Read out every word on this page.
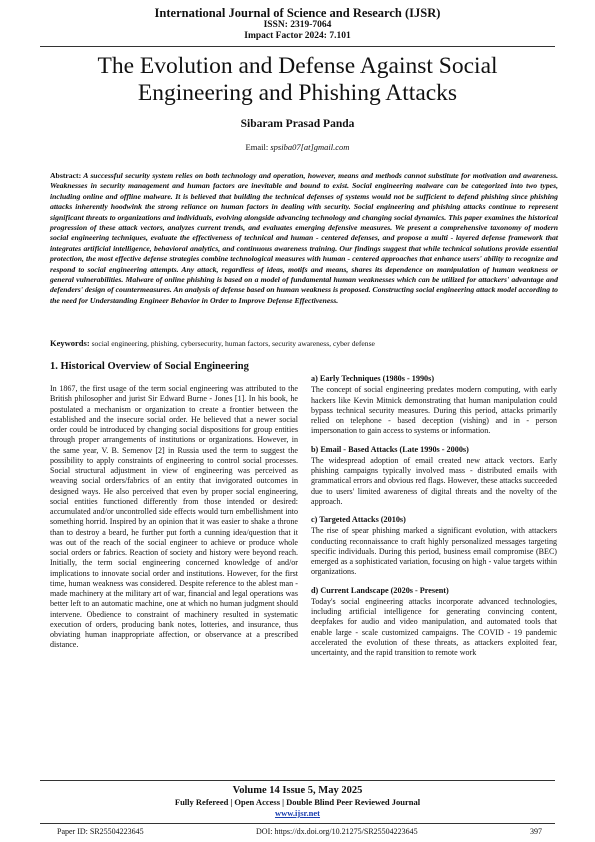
International Journal of Science and Research (IJSR)
ISSN: 2319-7064
Impact Factor 2024: 7.101
The Evolution and Defense Against Social Engineering and Phishing Attacks
Sibaram Prasad Panda
Email: spsiba07[at]gmail.com
Abstract: A successful security system relies on both technology and operation, however, means and methods cannot substitute for motivation and awareness. Weaknesses in security management and human factors are inevitable and bound to exist. Social engineering malware can be categorized into two types, including online and offline malware. It is believed that building the technical defenses of systems would not be sufficient to defend phishing since phishing attacks inherently hoodwink the strong reliance on human factors in dealing with security. Social engineering and phishing attacks continue to represent significant threats to organizations and individuals, evolving alongside advancing technology and changing social dynamics. This paper examines the historical progression of these attack vectors, analyzes current trends, and evaluates emerging defensive measures. We present a comprehensive taxonomy of modern social engineering techniques, evaluate the effectiveness of technical and human - centered defenses, and propose a multi - layered defense framework that integrates artificial intelligence, behavioral analytics, and continuous awareness training. Our findings suggest that while technical solutions provide essential protection, the most effective defense strategies combine technological measures with human - centered approaches that enhance users' ability to recognize and respond to social engineering attempts. Any attack, regardless of ideas, motifs and means, shares its dependence on manipulation of human weakness or general vulnerabilities. Malware of online phishing is based on a model of fundamental human weaknesses which can be utilized for attackers' advantage and defenders' design of countermeasures. An analysis of defense based on human weakness is proposed. Constructing social engineering attack model according to the need for Understanding Engineer Behavior in Order to Improve Defense Effectiveness.
Keywords: social engineering, phishing, cybersecurity, human factors, security awareness, cyber defense
1. Historical Overview of Social Engineering

In 1867, the first usage of the term social engineering was attributed to the British philosopher and jurist Sir Edward Burne - Jones [1]. In his book, he postulated a mechanism or organization to create a frontier between the established and the insecure social order. He believed that a newer social order could be introduced by changing social dispositions for group entities through proper arrangements of institutions or organizations. However, in the same year, V. B. Semenov [2] in Russia used the term to suggest the possibility to apply constraints of engineering to control social processes. Social structural adjustment in view of engineering was perceived as weaving social orders/fabrics of an entity that invigorated outcomes in designed ways. He also perceived that even by proper social engineering, social entities functioned differently from those intended or desired: accumulated and/or uncontrolled side effects would turn embellishment into something horrid. Inspired by an opinion that it was easier to shake a throne than to destroy a beard, he further put forth a cunning idea/question that it was out of the reach of the social engineer to achieve or produce whole social orders or fabrics. Reaction of society and history were beyond reach. Initially, the term social engineering concerned knowledge of and/or implications to innovate social order and institutions. However, for the first time, human weakness was considered. Despite reference to the ablest man - made machinery at the military art of war, financial and legal operations was better left to an automatic machine, one at which no human judgment should intervene. Obedience to constraint of machinery resulted in systematic execution of orders, producing bank notes, lotteries, and insurance, thus obviating human inappropriate affection, or observance at a prescribed distance.

a) Early Techniques (1980s - 1990s)

The concept of social engineering predates modern computing, with early hackers like Kevin Mitnick demonstrating that human manipulation could bypass technical security measures. During this period, attacks primarily relied on telephone - based deception (vishing) and in - person impersonation to gain access to systems or information.

b) Email - Based Attacks (Late 1990s - 2000s)

The widespread adoption of email created new attack vectors. Early phishing campaigns typically involved mass - distributed emails with grammatical errors and obvious red flags. However, these attacks succeeded due to users' limited awareness of digital threats and the novelty of the approach.

c) Targeted Attacks (2010s)

The rise of spear phishing marked a significant evolution, with attackers conducting reconnaissance to craft highly personalized messages targeting specific individuals. During this period, business email compromise (BEC) emerged as a sophisticated variation, focusing on high - value targets within organizations.

d) Current Landscape (2020s - Present)

Today's social engineering attacks incorporate advanced technologies, including artificial intelligence for generating convincing content, deepfakes for audio and video manipulation, and automated tools that enable large - scale customized campaigns. The COVID - 19 pandemic accelerated the evolution of these threats, as attackers exploited fear, uncertainty, and the rapid transition to remote work

Volume 14 Issue 5, May 2025
Fully Refereed | Open Access | Double Blind Peer Reviewed Journal
www.ijsr.net
Paper ID: SR25504223645	DOI: https://dx.doi.org/10.21275/SR25504223645	397
